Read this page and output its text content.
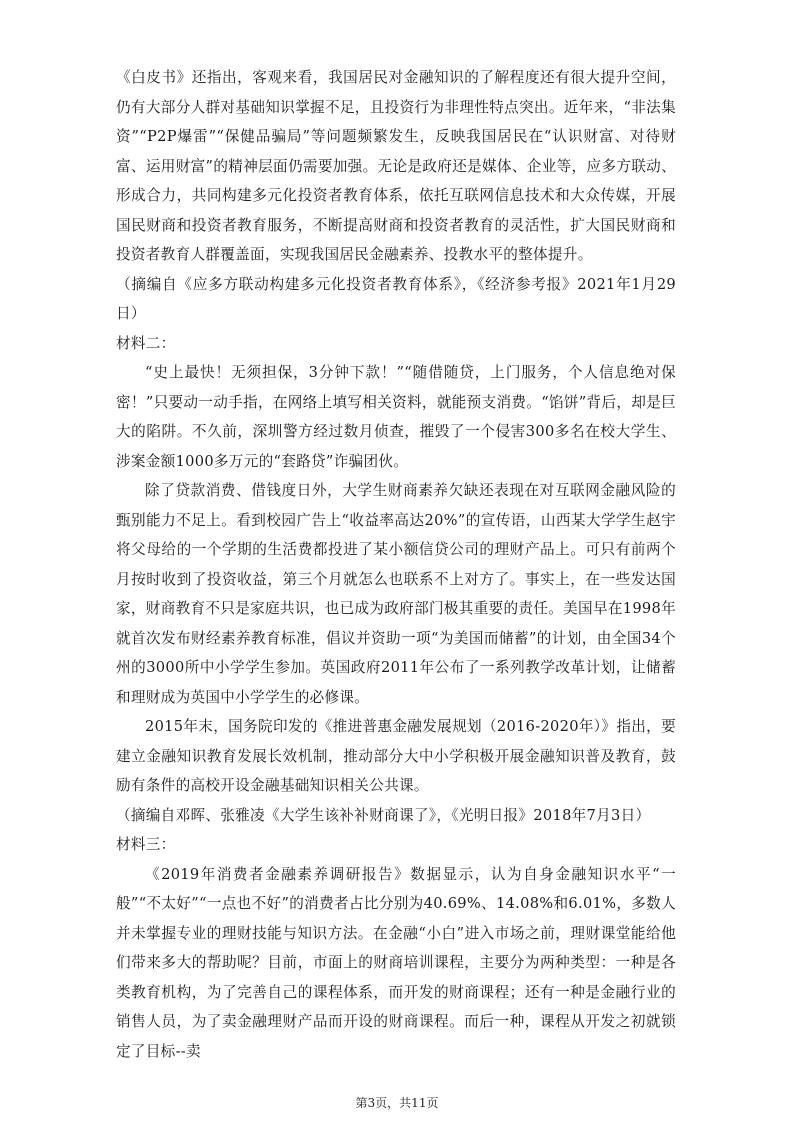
《白皮书》还指出，客观来看，我国居民对金融知识的了解程度还有很大提升空间，仍有大部分人群对基础知识掌握不足，且投资行为非理性特点突出。近年来，“非法集资”“P2P爆雷”“保健品骗局”等问题频繁发生，反映我国居民在“认识财富、对待财富、运用财富”的精神层面仍需要加强。无论是政府还是媒体、企业等，应多方联动、形成合力，共同构建多元化投资者教育体系，依托互联网信息技术和大众传媒，开展国民财商和投资者教育服务，不断提高财商和投资者教育的灵活性，扩大国民财商和投资者教育人群覆盖面，实现我国居民金融素养、投教水平的整体提升。

（摘编自《应多方联动构建多元化投资者教育体系》，《经济参考报》2021年1月29日）

材料二：

“史上最快！无须担保，3分钟下款！”“随借随贷，上门服务，个人信息绝对保密！”只要动一动手指，在网络上填写相关资料，就能预支消费。“馅饼”背后，却是巨大的陷阱。不久前，深圳警方经过数月侦查，摧毁了一个侵害300多名在校大学生、涉案金额1000多万元的“套路贷”诈骗团伙。

除了贷款消费、借钱度日外，大学生财商素养欠缺还表现在对互联网金融风险的甄别能力不足上。看到校园广告上“收益率高达20%”的宣传语，山西某大学学生赵宇将父母给的一个学期的生活费都投进了某小额信贷公司的理财产品上。可只有前两个月按时收到了投资收益，第三个月就怎么也联系不上对方了。事实上，在一些发达国家，财商教育不只是家庭共识，也已成为政府部门极其重要的责任。美国早在1998年就首次发布财经素养教育标准，倡议并资助一项“为美国而储蓄”的计划，由全国34个州的3000所中小学学生参加。英国政府2011年公布了一系列教学改革计划，让储蓄和理财成为英国中小学学生的必修课。

2015年末，国务院印发的《推进普惠金融发展规划（2016-2020年）》指出，要建立金融知识教育发展长效机制，推动部分大中小学积极开展金融知识普及教育，鼓励有条件的高校开设金融基础知识相关公共课。

（摘编自邓晖、张雅凌《大学生该补补财商课了》，《光明日报》2018年7月3日）

材料三：

《2019年消费者金融素养调研报告》数据显示，认为自身金融知识水平“一般”“不太好”“一点也不好”的消费者占比分别为40.69%、14.08%和6.01%，多数人并未掌握专业的理财技能与知识方法。在金融“小白”进入市场之前，理财课堂能给他们带来多大的帮助呢？目前，市面上的财商培训课程，主要分为两种类型：一种是各类教育机构，为了完善自己的课程体系，而开发的财商课程；还有一种是金融行业的销售人员，为了卖金融理财产品而开设的财商课程。而后一种，课程从开发之初就锁定了目标--卖

第3页，共11页
